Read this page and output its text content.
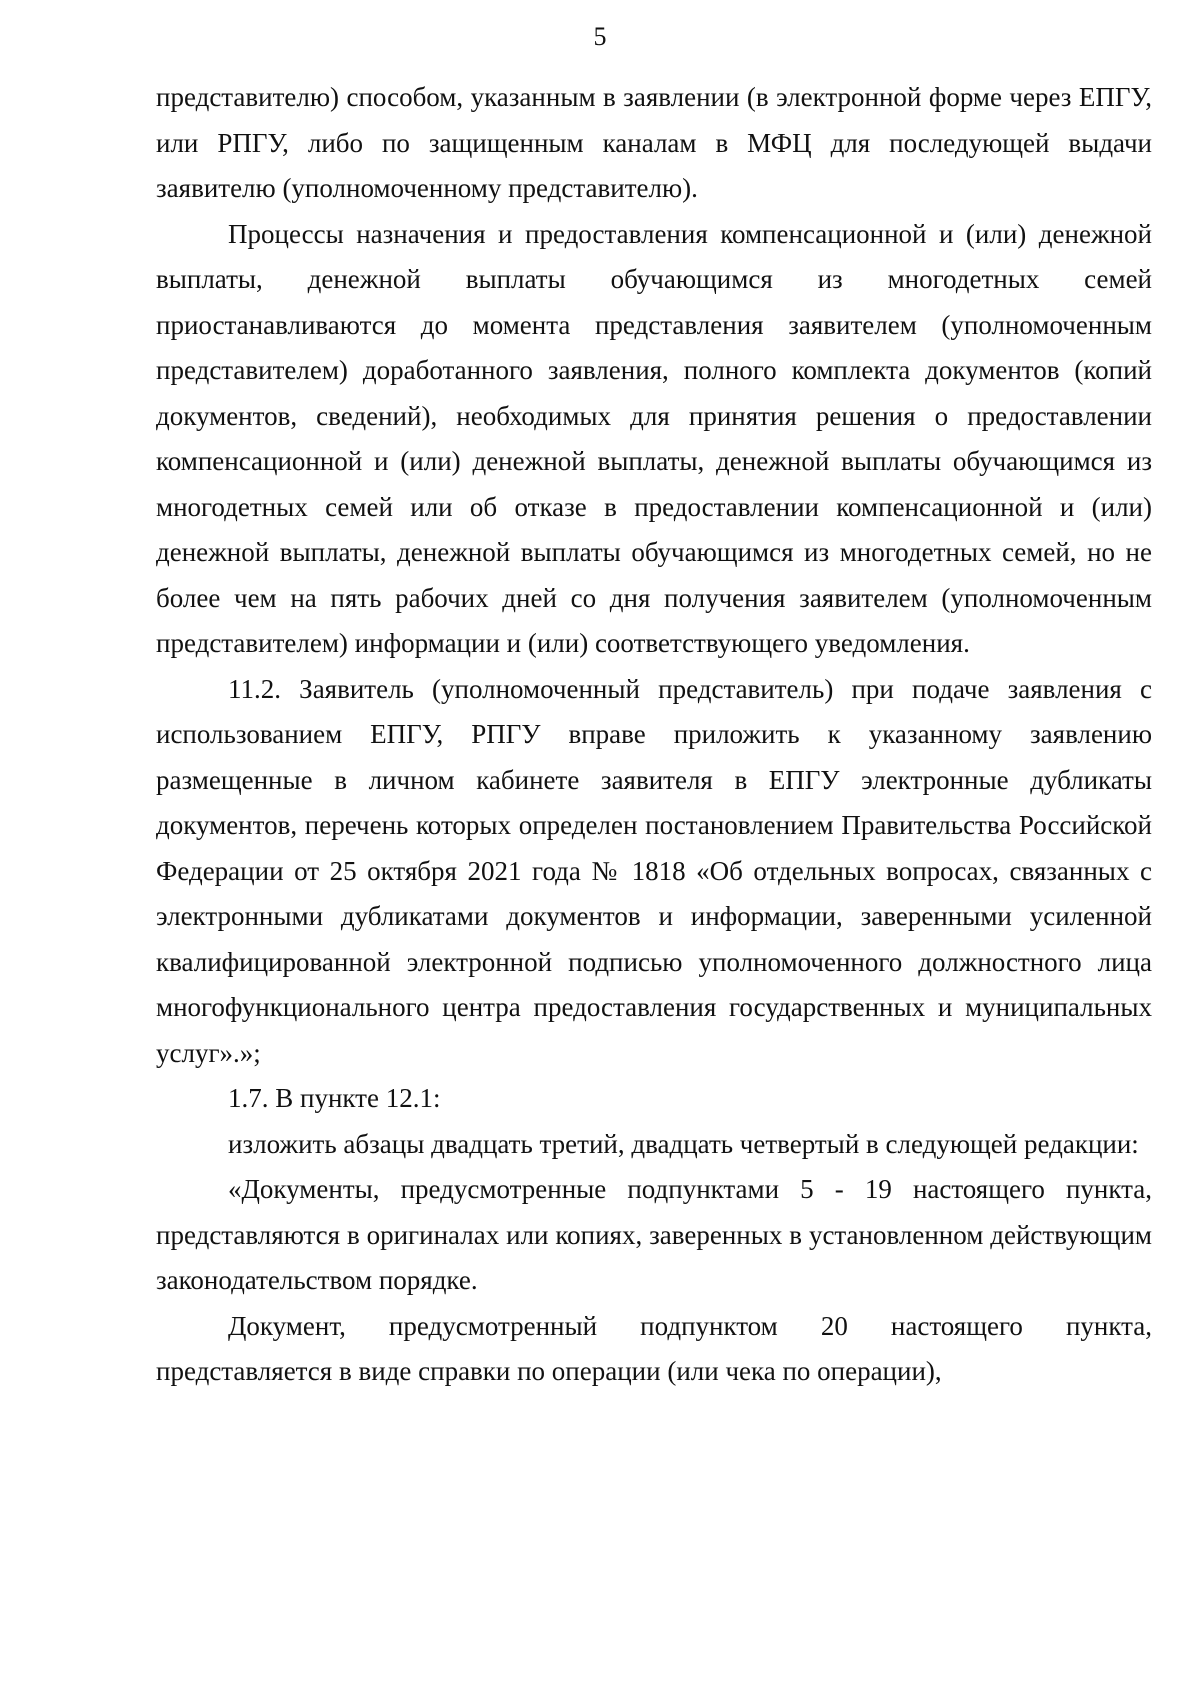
5

представителю) способом, указанным в заявлении (в электронной форме через ЕПГУ, или РПГУ, либо по защищенным каналам в МФЦ для последующей выдачи заявителю (уполномоченному представителю).

Процессы назначения и предоставления компенсационной и (или) денежной выплаты, денежной выплаты обучающимся из многодетных семей приостанавливаются до момента представления заявителем (уполномоченным представителем) доработанного заявления, полного комплекта документов (копий документов, сведений), необходимых для принятия решения о предоставлении компенсационной и (или) денежной выплаты, денежной выплаты обучающимся из многодетных семей или об отказе в предоставлении компенсационной и (или) денежной выплаты, денежной выплаты обучающимся из многодетных семей, но не более чем на пять рабочих дней со дня получения заявителем (уполномоченным представителем) информации и (или) соответствующего уведомления.

11.2. Заявитель (уполномоченный представитель) при подаче заявления с использованием ЕПГУ, РПГУ вправе приложить к указанному заявлению размещенные в личном кабинете заявителя в ЕПГУ электронные дубликаты документов, перечень которых определен постановлением Правительства Российской Федерации от 25 октября 2021 года № 1818 «Об отдельных вопросах, связанных с электронными дубликатами документов и информации, заверенными усиленной квалифицированной электронной подписью уполномоченного должностного лица многофункционального центра предоставления государственных и муниципальных услуг».»;

1.7. В пункте 12.1:

изложить абзацы двадцать третий, двадцать четвертый в следующей редакции:

«Документы, предусмотренные подпунктами 5 - 19 настоящего пункта, представляются в оригиналах или копиях, заверенных в установленном действующим законодательством порядке.

Документ, предусмотренный подпунктом 20 настоящего пункта, представляется в виде справки по операции (или чека по операции),
